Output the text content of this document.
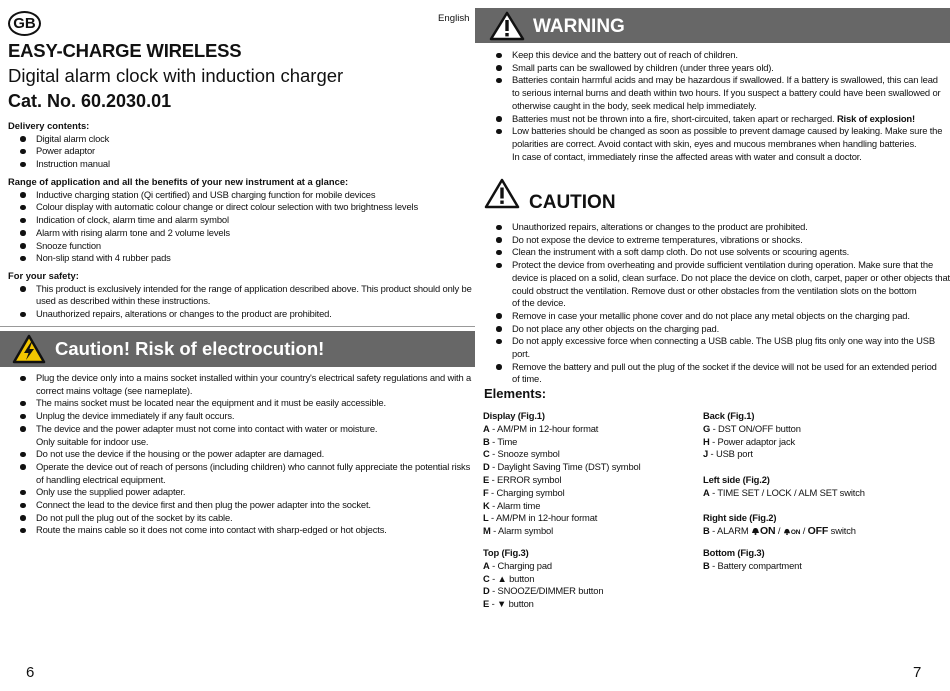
GB	English
EASY-CHARGE WIRELESS
Digital alarm clock with induction charger
Cat. No. 60.2030.01
Delivery contents:
Digital alarm clock
Power adaptor
Instruction manual
Range of application and all the benefits of your new instrument at a glance:
Inductive charging station (Qi certified) and USB charging function for mobile devices
Colour display with automatic colour change or direct colour selection with two brightness levels
Indication of clock, alarm time and alarm symbol
Alarm with rising alarm tone and 2 volume levels
Snooze function
Non-slip stand with 4 rubber pads
For your safety:
This product is exclusively intended for the range of application described above. This product should only be
used as described within these instructions.
Unauthorized repairs, alterations or changes to the product are prohibited.
Caution! Risk of electrocution!
Plug the device only into a mains socket installed within your country's electrical safety regulations and with a
correct mains voltage (see nameplate).
The mains socket must be located near the equipment and it must be easily accessible.
Unplug the device immediately if any fault occurs.
The device and the power adapter must not come into contact with water or moisture.
Only suitable for indoor use.
Do not use the device if the housing or the power adapter are damaged.
Operate the device out of reach of persons (including children) who cannot fully appreciate the potential risks
of handling electrical equipment.
Only use the supplied power adapter.
Connect the lead to the device first and then plug the power adapter into the socket.
Do not pull the plug out of the socket by its cable.
Route the mains cable so it does not come into contact with sharp-edged or hot objects.
6
WARNING
Keep this device and the battery out of reach of children.
Small parts can be swallowed by children (under three years old).
Batteries contain harmful acids and may be hazardous if swallowed. If a battery is swallowed, this can lead
to serious internal burns and death within two hours. If you suspect a battery could have been swallowed or
otherwise caught in the body, seek medical help immediately.
Batteries must not be thrown into a fire, short-circuited, taken apart or recharged. Risk of explosion!
Low batteries should be changed as soon as possible to prevent damage caused by leaking. Make sure the
polarities are correct. Avoid contact with skin, eyes and mucous membranes when handling batteries.
In case of contact, immediately rinse the affected areas with water and consult a doctor.
CAUTION
Unauthorized repairs, alterations or changes to the product are prohibited.
Do not expose the device to extreme temperatures, vibrations or shocks.
Clean the instrument with a soft damp cloth. Do not use solvents or scouring agents.
Protect the device from overheating and provide sufficient ventilation during operation. Make sure that the
device is placed on a solid, clean surface. Do not place the device on cloth, carpet, paper or other objects that
could obstruct the ventilation. Remove dust or other obstacles from the ventilation slots on the bottom
of the device.
Remove in case your metallic phone cover and do not place any metal objects on the charging pad.
Do not place any other objects on the charging pad.
Do not apply excessive force when connecting a USB cable. The USB plug fits only one way into the USB port.
Remove the battery and pull out the plug of the socket if the device will not be used for an extended period
of time.
Elements:
Display (Fig.1)
A - AM/PM in 12-hour format
B - Time
C - Snooze symbol
D - Daylight Saving Time (DST) symbol
E - ERROR symbol
F - Charging symbol
K - Alarm time
L - AM/PM in 12-hour format
M - Alarm symbol
Top (Fig.3)
A - Charging pad
C - ▲ button
D - SNOOZE/DIMMER button
E - ▼ button
Back (Fig.1)
G - DST ON/OFF button
H - Power adaptor jack
J - USB port
Left side (Fig.2)
A - TIME SET / LOCK / ALM SET switch
Right side (Fig.2)
B - ALARM ON / ON / OFF switch
Bottom (Fig.3)
B - Battery compartment
7
